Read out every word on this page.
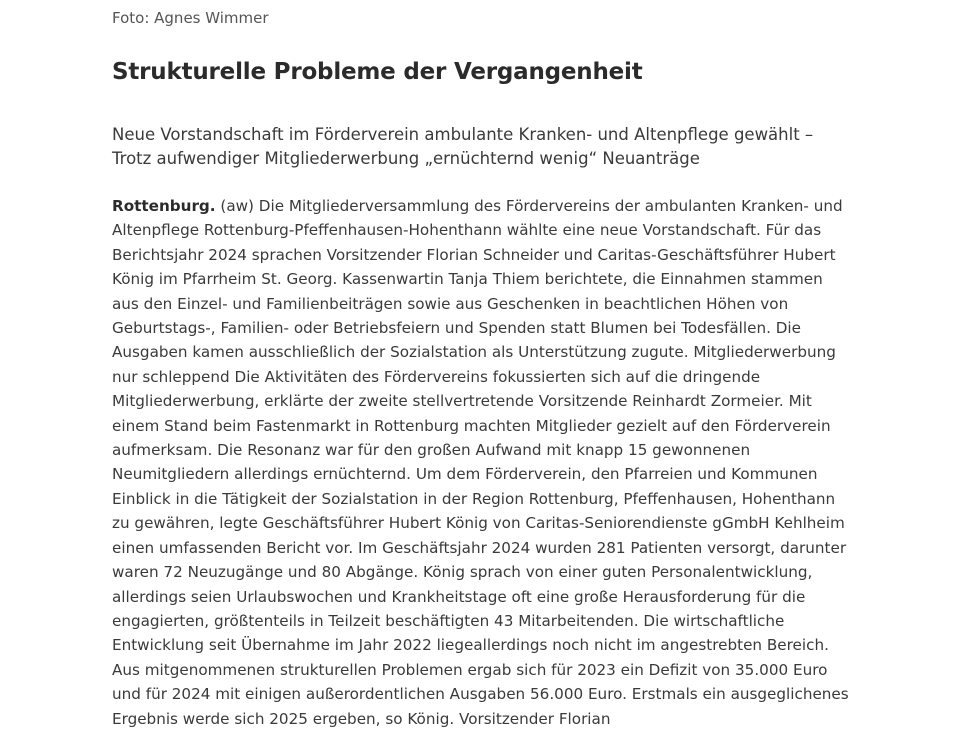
Foto: Agnes Wimmer
Strukturelle Probleme der Vergangenheit

Neue Vorstandschaft im Förderverein ambulante Kranken- und Altenpflege gewählt – Trotz aufwendiger Mitgliederwerbung „ernüchternd wenig“ Neuanträge

Rottenburg. (aw) Die Mitgliederversammlung des Fördervereins der ambulanten Kranken- und Altenpflege Rottenburg-Pfeffenhausen-Hohenthann wählte eine neue Vorstandschaft. Für das Berichtsjahr 2024 sprachen Vorsitzender Florian Schneider und Caritas-Geschäftsführer Hubert König im Pfarrheim St. Georg. Kassenwartin Tanja Thiem berichtete, die Einnahmen stammen aus den Einzel- und Familienbeiträgen sowie aus Geschenken in beachtlichen Höhen von Geburtstags-, Familien- oder Betriebsfeiern und Spenden statt Blumen bei Todesfällen. Die Ausgaben kamen ausschließlich der Sozialstation als Unterstützung zugute. Mitgliederwerbung nur schleppend Die Aktivitäten des Fördervereins fokussierten sich auf die dringende Mitgliederwerbung, erklärte der zweite stellvertretende Vorsitzende Reinhardt Zormeier. Mit einem Stand beim Fastenmarkt in Rottenburg machten Mitglieder gezielt auf den Förderverein aufmerksam. Die Resonanz war für den großen Aufwand mit knapp 15 gewonnenen Neumitgliedern allerdings ernüchternd. Um dem Förderverein, den Pfarreien und Kommunen Einblick in die Tätigkeit der Sozialstation in der Region Rottenburg, Pfeffenhausen, Hohenthann zu gewähren, legte Geschäftsführer Hubert König von Caritas-Seniorendienste gGmbH Kehlheim einen umfassenden Bericht vor. Im Geschäftsjahr 2024 wurden 281 Patienten versorgt, darunter waren 72 Neuzugänge und 80 Abgänge. König sprach von einer guten Personalentwicklung, allerdings seien Urlaubswochen und Krankheitstage oft eine große Herausforderung für die engagierten, größtenteils in Teilzeit beschäftigten 43 Mitarbeitenden. Die wirtschaftliche Entwicklung seit Übernahme im Jahr 2022 liegeallerdings noch nicht im angestrebten Bereich. Aus mitgenommenen strukturellen Problemen ergab sich für 2023 ein Defizit von 35.000 Euro und für 2024 mit einigen außerordentlichen Ausgaben 56.000 Euro. Erstmals ein ausgeglichenes Ergebnis werde sich 2025 ergeben, so König. Vorsitzender Florian
